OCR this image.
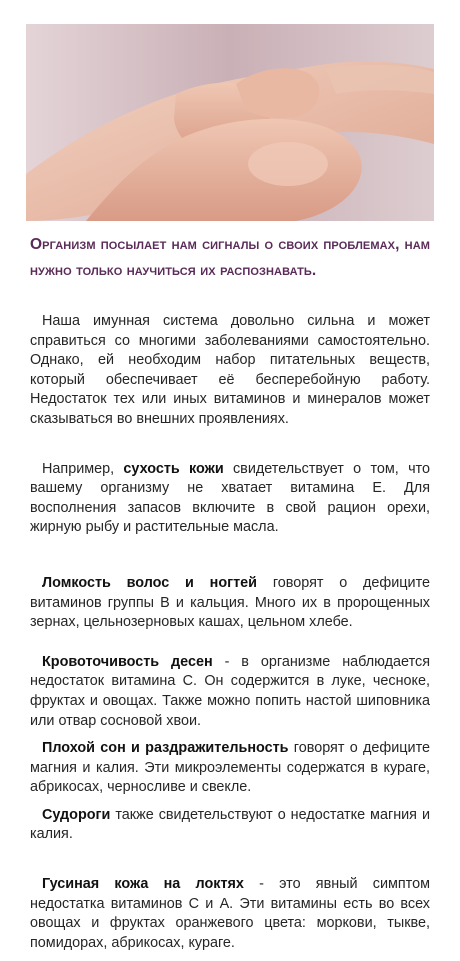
Организм посылает нам сигналы о своих проблемах, нам нужно только научиться их распознавать.

Наша имунная система довольно сильна и может справиться со многими заболеваниями самостоятельно. Однако, ей необходим набор питательных веществ, который обеспечивает её бесперебойную работу. Недостаток тех или иных витаминов и минералов может сказываться во внешних проявлениях.

Например, сухость кожи свидетельствует о том, что вашему организму не хватает витамина Е. Для восполнения запасов включите в свой рацион орехи, жирную рыбу и растительные масла.

Ломкость волос и ногтей говорят о дефиците витаминов группы В и кальция. Много их в пророщенных зернах, цельнозерновых кашах, цельном хлебе.

Кровоточивость десен - в организме наблюдается недостаток витамина С. Он содержится в луке, чесноке, фруктах и овощах. Также можно попить настой шиповника или отвар сосновой хвои.

Плохой сон и раздражительность говорят о дефиците магния и калия. Эти микроэлементы содержатся в кураге, абрикосах, черносливе и свекле.

Судороги также свидетельствуют о недостатке магния и калия.

Гусиная кожа на локтях - это явный симптом недостатка витаминов С и А. Эти витамины есть во всех овощах и фруктах оранжевого цвета: моркови, тыкве, помидорах, абрикосах, кураге.
